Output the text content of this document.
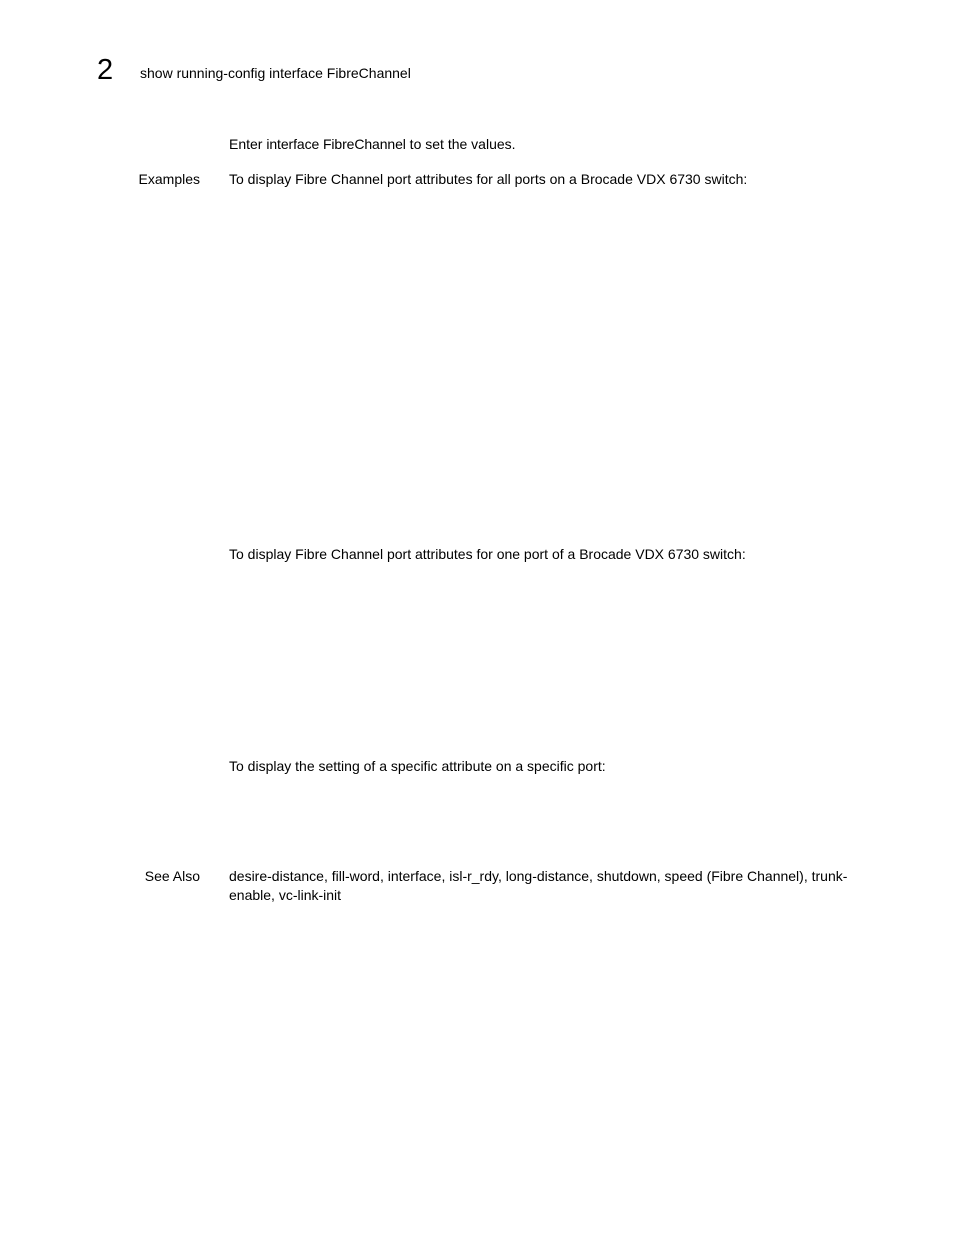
2 show running-config interface FibreChannel
Enter interface FibreChannel to set the values.
Examples To display Fibre Channel port attributes for all ports on a Brocade VDX 6730 switch:
To display Fibre Channel port attributes for one port of a Brocade VDX 6730 switch:
To display the setting of a specific attribute on a specific port:
See Also desire-distance, fill-word, interface, isl-r_rdy, long-distance, shutdown, speed (Fibre Channel), trunk-enable, vc-link-init
